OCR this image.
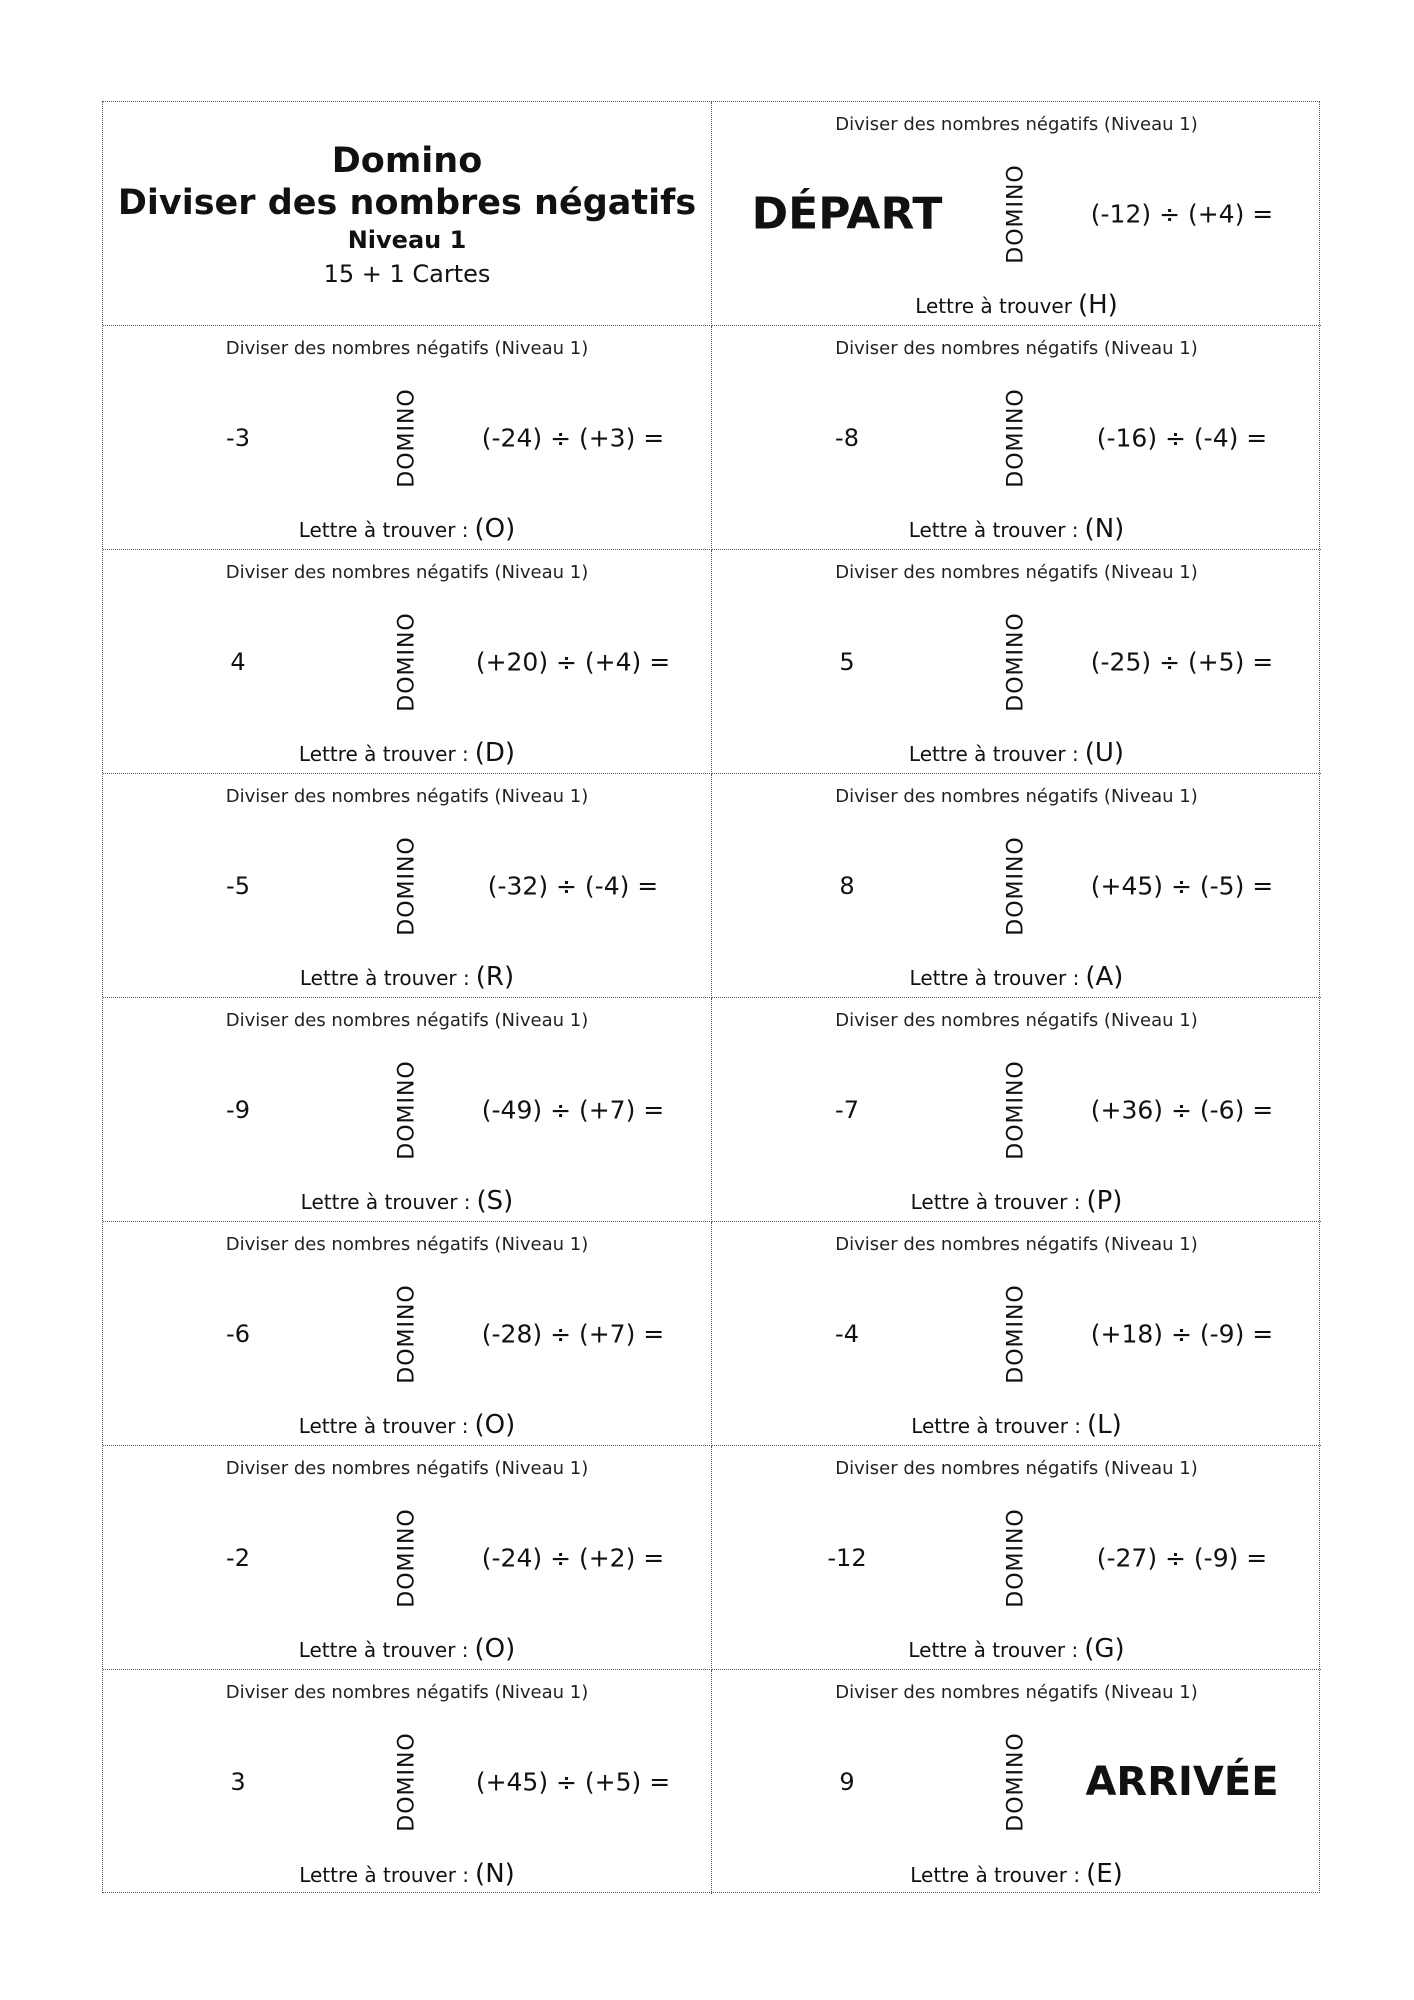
Domino
Diviser des nombres négatifs
Niveau 1
15 + 1 Cartes
Diviser des nombres négatifs (Niveau 1)
DÉPART	DOMINO	(-12) ÷ (+4) =
Lettre à trouver (H)
Diviser des nombres négatifs (Niveau 1)
-3	DOMINO	(-24) ÷ (+3) =
Lettre à trouver : (O)
Diviser des nombres négatifs (Niveau 1)
-8	DOMINO	(-16) ÷ (-4) =
Lettre à trouver : (N)
Diviser des nombres négatifs (Niveau 1)
4	DOMINO	(+20) ÷ (+4) =
Lettre à trouver : (D)
Diviser des nombres négatifs (Niveau 1)
5	DOMINO	(-25) ÷ (+5) =
Lettre à trouver : (U)
Diviser des nombres négatifs (Niveau 1)
-5	DOMINO	(-32) ÷ (-4) =
Lettre à trouver : (R)
Diviser des nombres négatifs (Niveau 1)
8	DOMINO	(+45) ÷ (-5) =
Lettre à trouver : (A)
Diviser des nombres négatifs (Niveau 1)
-9	DOMINO	(-49) ÷ (+7) =
Lettre à trouver : (S)
Diviser des nombres négatifs (Niveau 1)
-7	DOMINO	(+36) ÷ (-6) =
Lettre à trouver : (P)
Diviser des nombres négatifs (Niveau 1)
-6	DOMINO	(-28) ÷ (+7) =
Lettre à trouver : (O)
Diviser des nombres négatifs (Niveau 1)
-4	DOMINO	(+18) ÷ (-9) =
Lettre à trouver : (L)
Diviser des nombres négatifs (Niveau 1)
-2	DOMINO	(-24) ÷ (+2) =
Lettre à trouver : (O)
Diviser des nombres négatifs (Niveau 1)
-12	DOMINO	(-27) ÷ (-9) =
Lettre à trouver : (G)
Diviser des nombres négatifs (Niveau 1)
3	DOMINO	(+45) ÷ (+5) =
Lettre à trouver : (N)
Diviser des nombres négatifs (Niveau 1)
9	DOMINO	ARRIVÉE
Lettre à trouver : (E)
